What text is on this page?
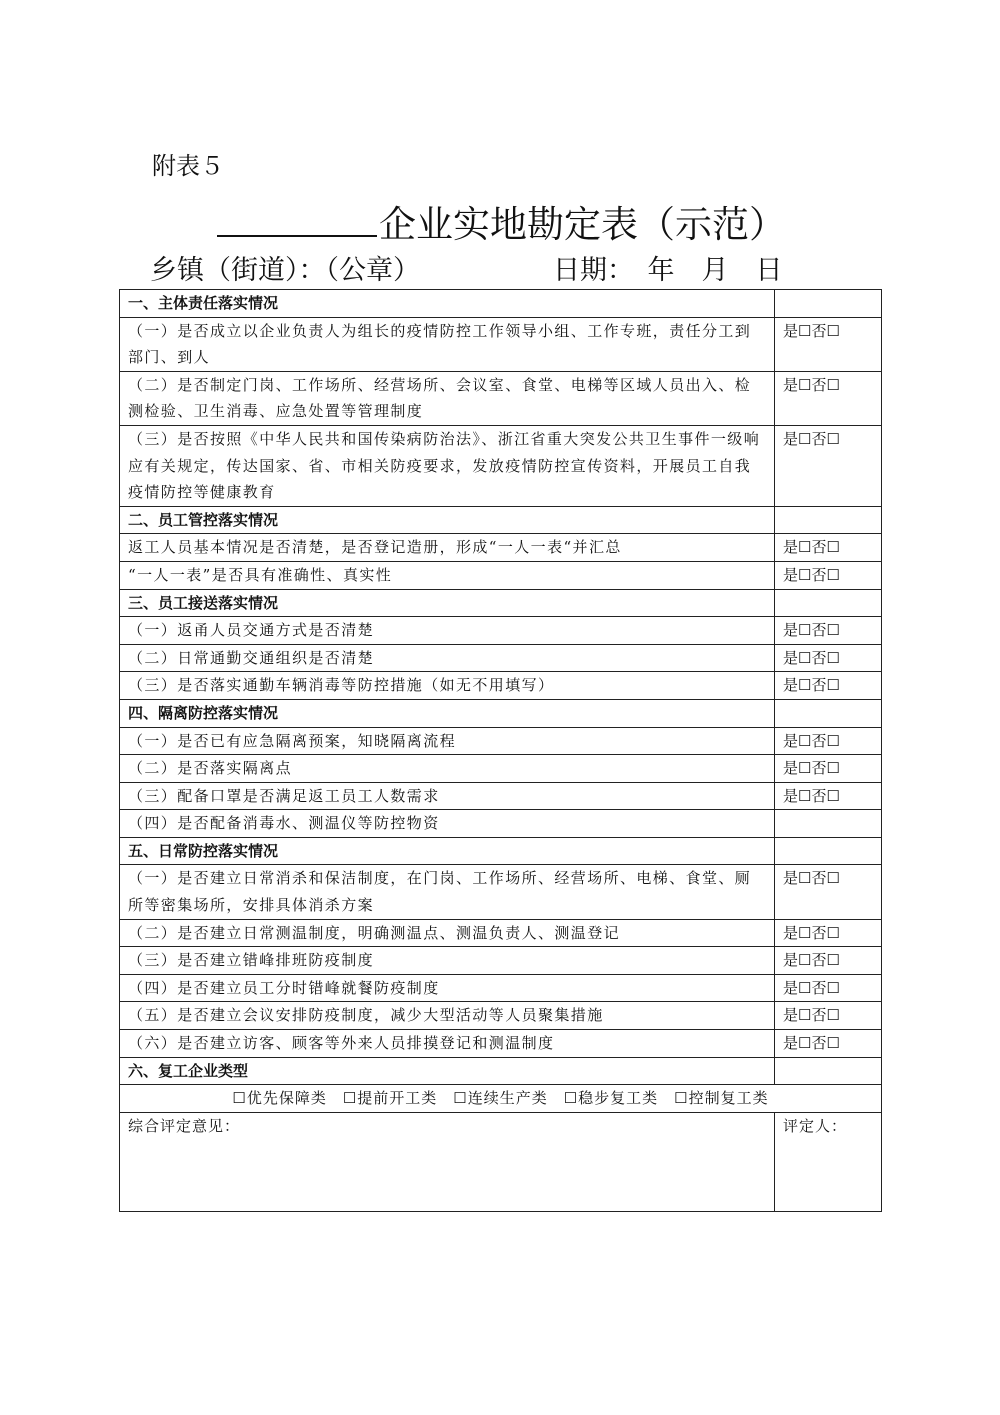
附表５
企业实地勘定表（示范）
乡镇（街道）：（公章）	日期：　年　月　日
一、主体责任落实情况	
（一）是否成立以企业负责人为组长的疫情防控工作领导小组、工作专班，责任分工到部门、到人	是☐否☐
（二）是否制定门岗、工作场所、经营场所、会议室、食堂、电梯等区域人员出入、检测检验、卫生消毒、应急处置等管理制度	是☐否☐
（三）是否按照《中华人民共和国传染病防治法》、浙江省重大突发公共卫生事件一级响应有关规定，传达国家、省、市相关防疫要求，发放疫情防控宣传资料，开展员工自我疫情防控等健康教育	是☐否☐
二、员工管控落实情况	
返工人员基本情况是否清楚，是否登记造册，形成“一人一表“并汇总	是☐否☐
“一人一表”是否具有准确性、真实性	是☐否☐
三、员工接送落实情况	
（一）返甬人员交通方式是否清楚	是☐否☐
（二）日常通勤交通组织是否清楚	是☐否☐
（三）是否落实通勤车辆消毒等防控措施（如无不用填写）	是☐否☐
四、隔离防控落实情况	
（一）是否已有应急隔离预案，知晓隔离流程	是☐否☐
（二）是否落实隔离点	是☐否☐
（三）配备口罩是否满足返工员工人数需求	是☐否☐
（四）是否配备消毒水、测温仪等防控物资	
五、日常防控落实情况	
（一）是否建立日常消杀和保洁制度，在门岗、工作场所、经营场所、电梯、食堂、厕所等密集场所，安排具体消杀方案	是☐否☐
（二）是否建立日常测温制度，明确测温点、测温负责人、测温登记	是☐否☐
（三）是否建立错峰排班防疫制度	是☐否☐
（四）是否建立员工分时错峰就餐防疫制度	是☐否☐
（五）是否建立会议安排防疫制度，减少大型活动等人员聚集措施	是☐否☐
（六）是否建立访客、顾客等外来人员排摸登记和测温制度	是☐否☐
六、复工企业类型	
☐优先保障类　☐提前开工类　☐连续生产类　☐稳步复工类　☐控制复工类	
综合评定意见：	评定人：
